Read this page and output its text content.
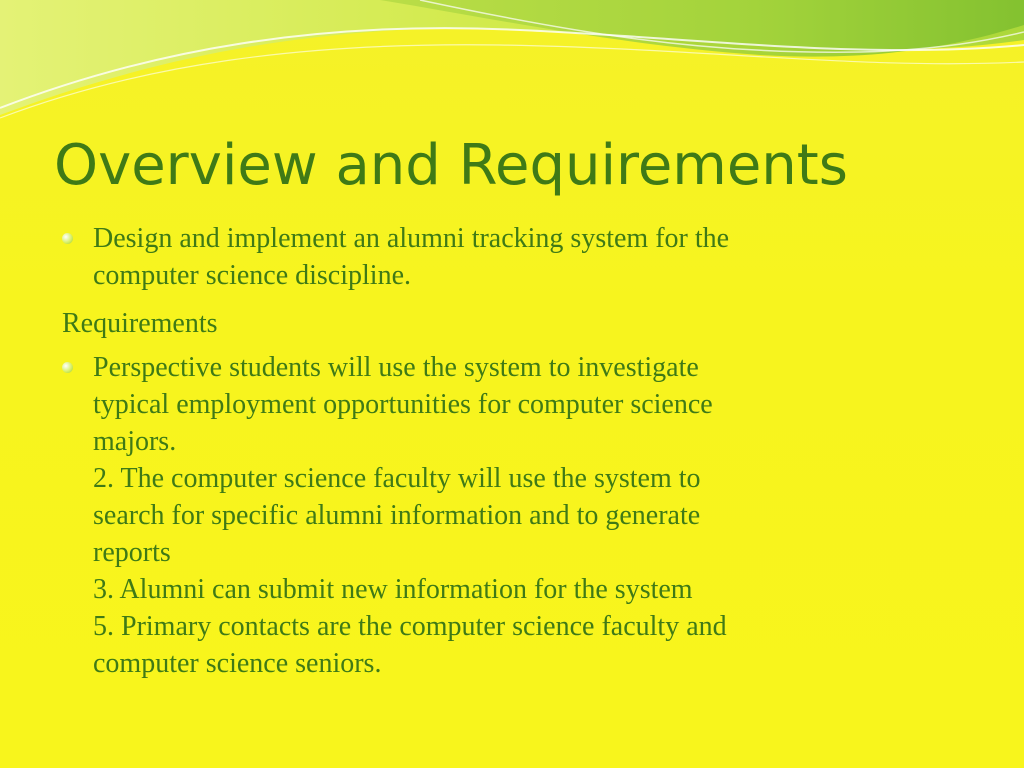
Overview and Requirements
Design and implement an alumni tracking system for the
computer science discipline.
Requirements
Perspective students will use the system to investigate
typical employment opportunities for computer science
majors.
2. The computer science faculty will use the system to
search for specific alumni information and to generate
reports
3. Alumni can submit new information for the system
5. Primary contacts are the computer science faculty and
computer science seniors.
